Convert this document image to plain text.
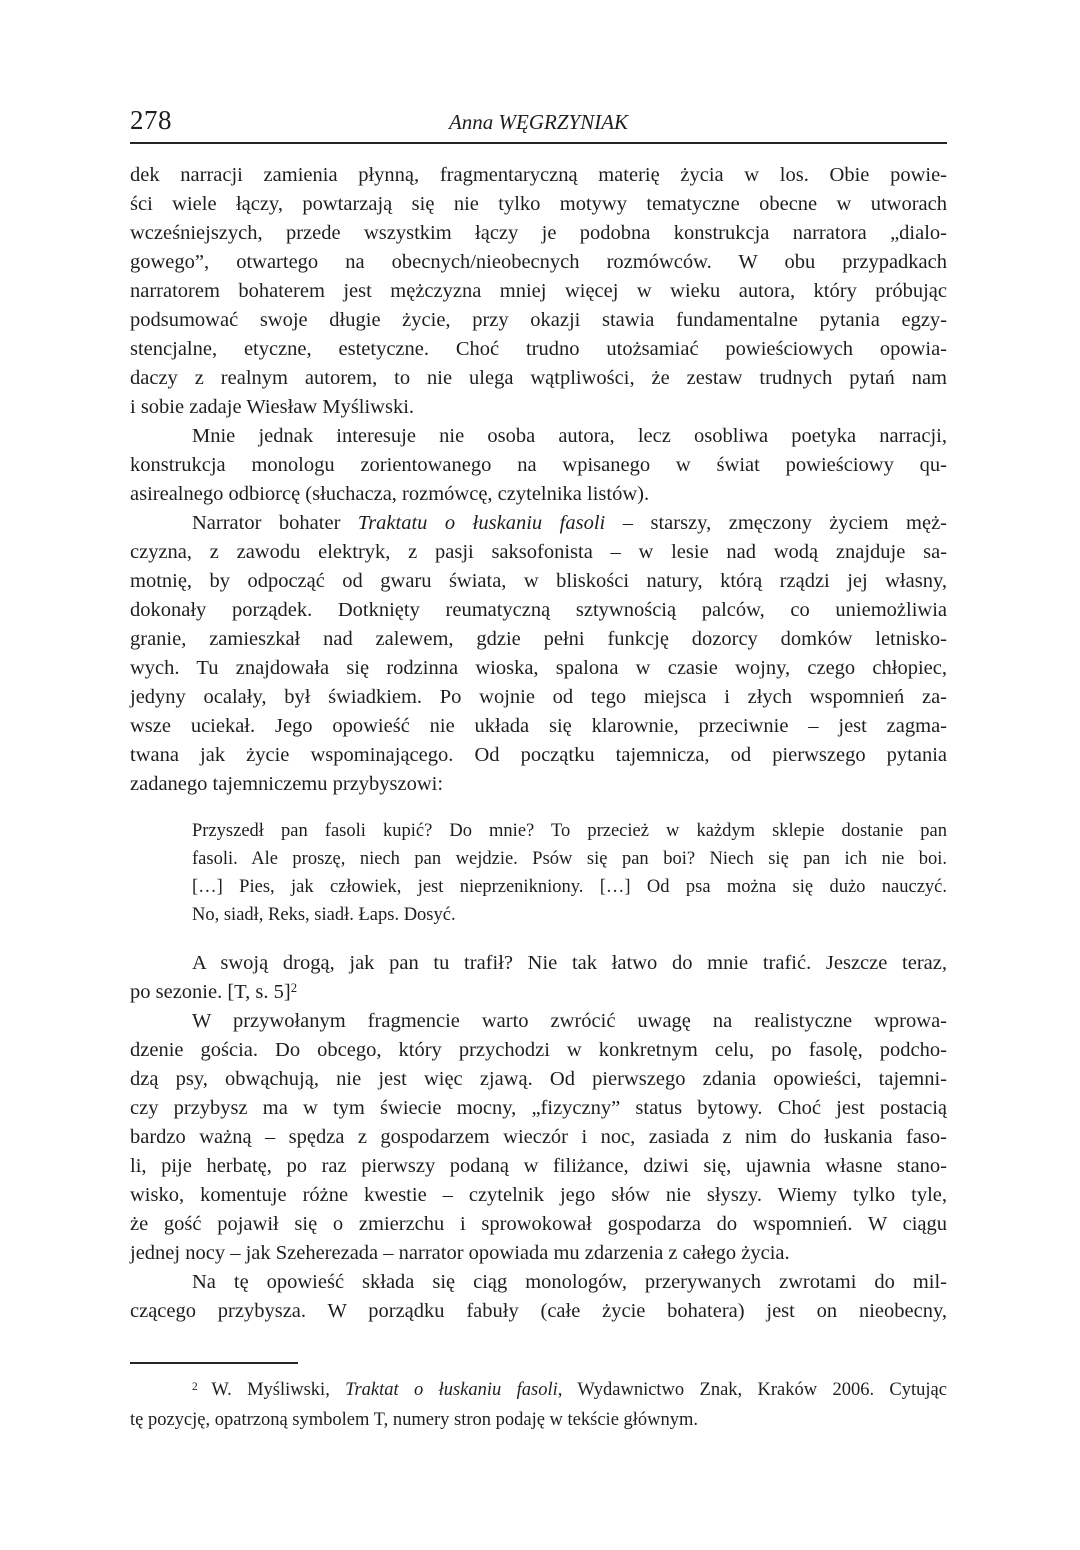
278	Anna WĘGRZYNIAK
dek narracji zamienia płynną, fragmentaryczną materię życia w los. Obie powie-
ści wiele łączy, powtarzają się nie tylko motywy tematyczne obecne w utworach
wcześniejszych, przede wszystkim łączy je podobna konstrukcja narratora „dialo-
gowego”, otwartego na obecnych/nieobecnych rozmówców. W obu przypadkach
narratorem bohaterem jest mężczyzna mniej więcej w wieku autora, który próbując
podsumować swoje długie życie, przy okazji stawia fundamentalne pytania egzy-
stencjalne, etyczne, estetyczne. Choć trudno utożsamiać powieściowych opowia-
daczy z realnym autorem, to nie ulega wątpliwości, że zestaw trudnych pytań nam
i sobie zadaje Wiesław Myśliwski.
Mnie jednak interesuje nie osoba autora, lecz osobliwa poetyka narracji,
konstrukcja monologu zorientowanego na wpisanego w świat powieściowy qu-
asirealnego odbiorcę (słuchacza, rozmówcę, czytelnika listów).
Narrator bohater Traktatu o łuskaniu fasoli – starszy, zmęczony życiem męż-
czyzna, z zawodu elektryk, z pasji saksofonista – w lesie nad wodą znajduje sa-
motnię, by odpocząć od gwaru świata, w bliskości natury, którą rządzi jej własny,
dokonały porządek. Dotknięty reumatyczną sztywnością palców, co uniemożliwia
granie, zamieszkał nad zalewem, gdzie pełni funkcję dozorcy domków letnisko-
wych. Tu znajdowała się rodzinna wioska, spalona w czasie wojny, czego chłopiec,
jedyny ocalały, był świadkiem. Po wojnie od tego miejsca i złych wspomnień za-
wsze uciekał. Jego opowieść nie układa się klarownie, przeciwnie – jest zagma-
twana jak życie wspominającego. Od początku tajemnicza, od pierwszego pytania
zadanego tajemniczemu przybyszowi:
Przyszedł pan fasoli kupić? Do mnie? To przecież w każdym sklepie dostanie pan
fasoli. Ale proszę, niech pan wejdzie. Psów się pan boi? Niech się pan ich nie boi.
[…] Pies, jak człowiek, jest nieprzenikniony. […] Od psa można się dużo nauczyć.
No, siadł, Reks, siadł. Łaps. Dosyć.
A swoją drogą, jak pan tu trafił? Nie tak łatwo do mnie trafić. Jeszcze teraz,
po sezonie. [T, s. 5]$^2$
W przywołanym fragmencie warto zwrócić uwagę na realistyczne wprowa-
dzenie gościa. Do obcego, który przychodzi w konkretnym celu, po fasolę, podcho-
dzą psy, obwąchują, nie jest więc zjawą. Od pierwszego zdania opowieści, tajemni-
czy przybysz ma w tym świecie mocny, „fizyczny” status bytowy. Choć jest postacią
bardzo ważną – spędza z gospodarzem wieczór i noc, zasiada z nim do łuskania faso-
li, pije herbatę, po raz pierwszy podaną w filiżance, dziwi się, ujawnia własne stano-
wisko, komentuje różne kwestie – czytelnik jego słów nie słyszy. Wiemy tylko tyle,
że gość pojawił się o zmierzchu i sprowokował gospodarza do wspomnień. W ciągu
jednej nocy – jak Szeherezada – narrator opowiada mu zdarzenia z całego życia.
Na tę opowieść składa się ciąg monologów, przerywanych zwrotami do mil-
czącego przybysza. W porządku fabuły (całe życie bohatera) jest on nieobecny,
$^2$ W. Myśliwski, Traktat o łuskaniu fasoli, Wydawnictwo Znak, Kraków 2006. Cytując
tę pozycję, opatrzoną symbolem T, numery stron podaję w tekście głównym.
